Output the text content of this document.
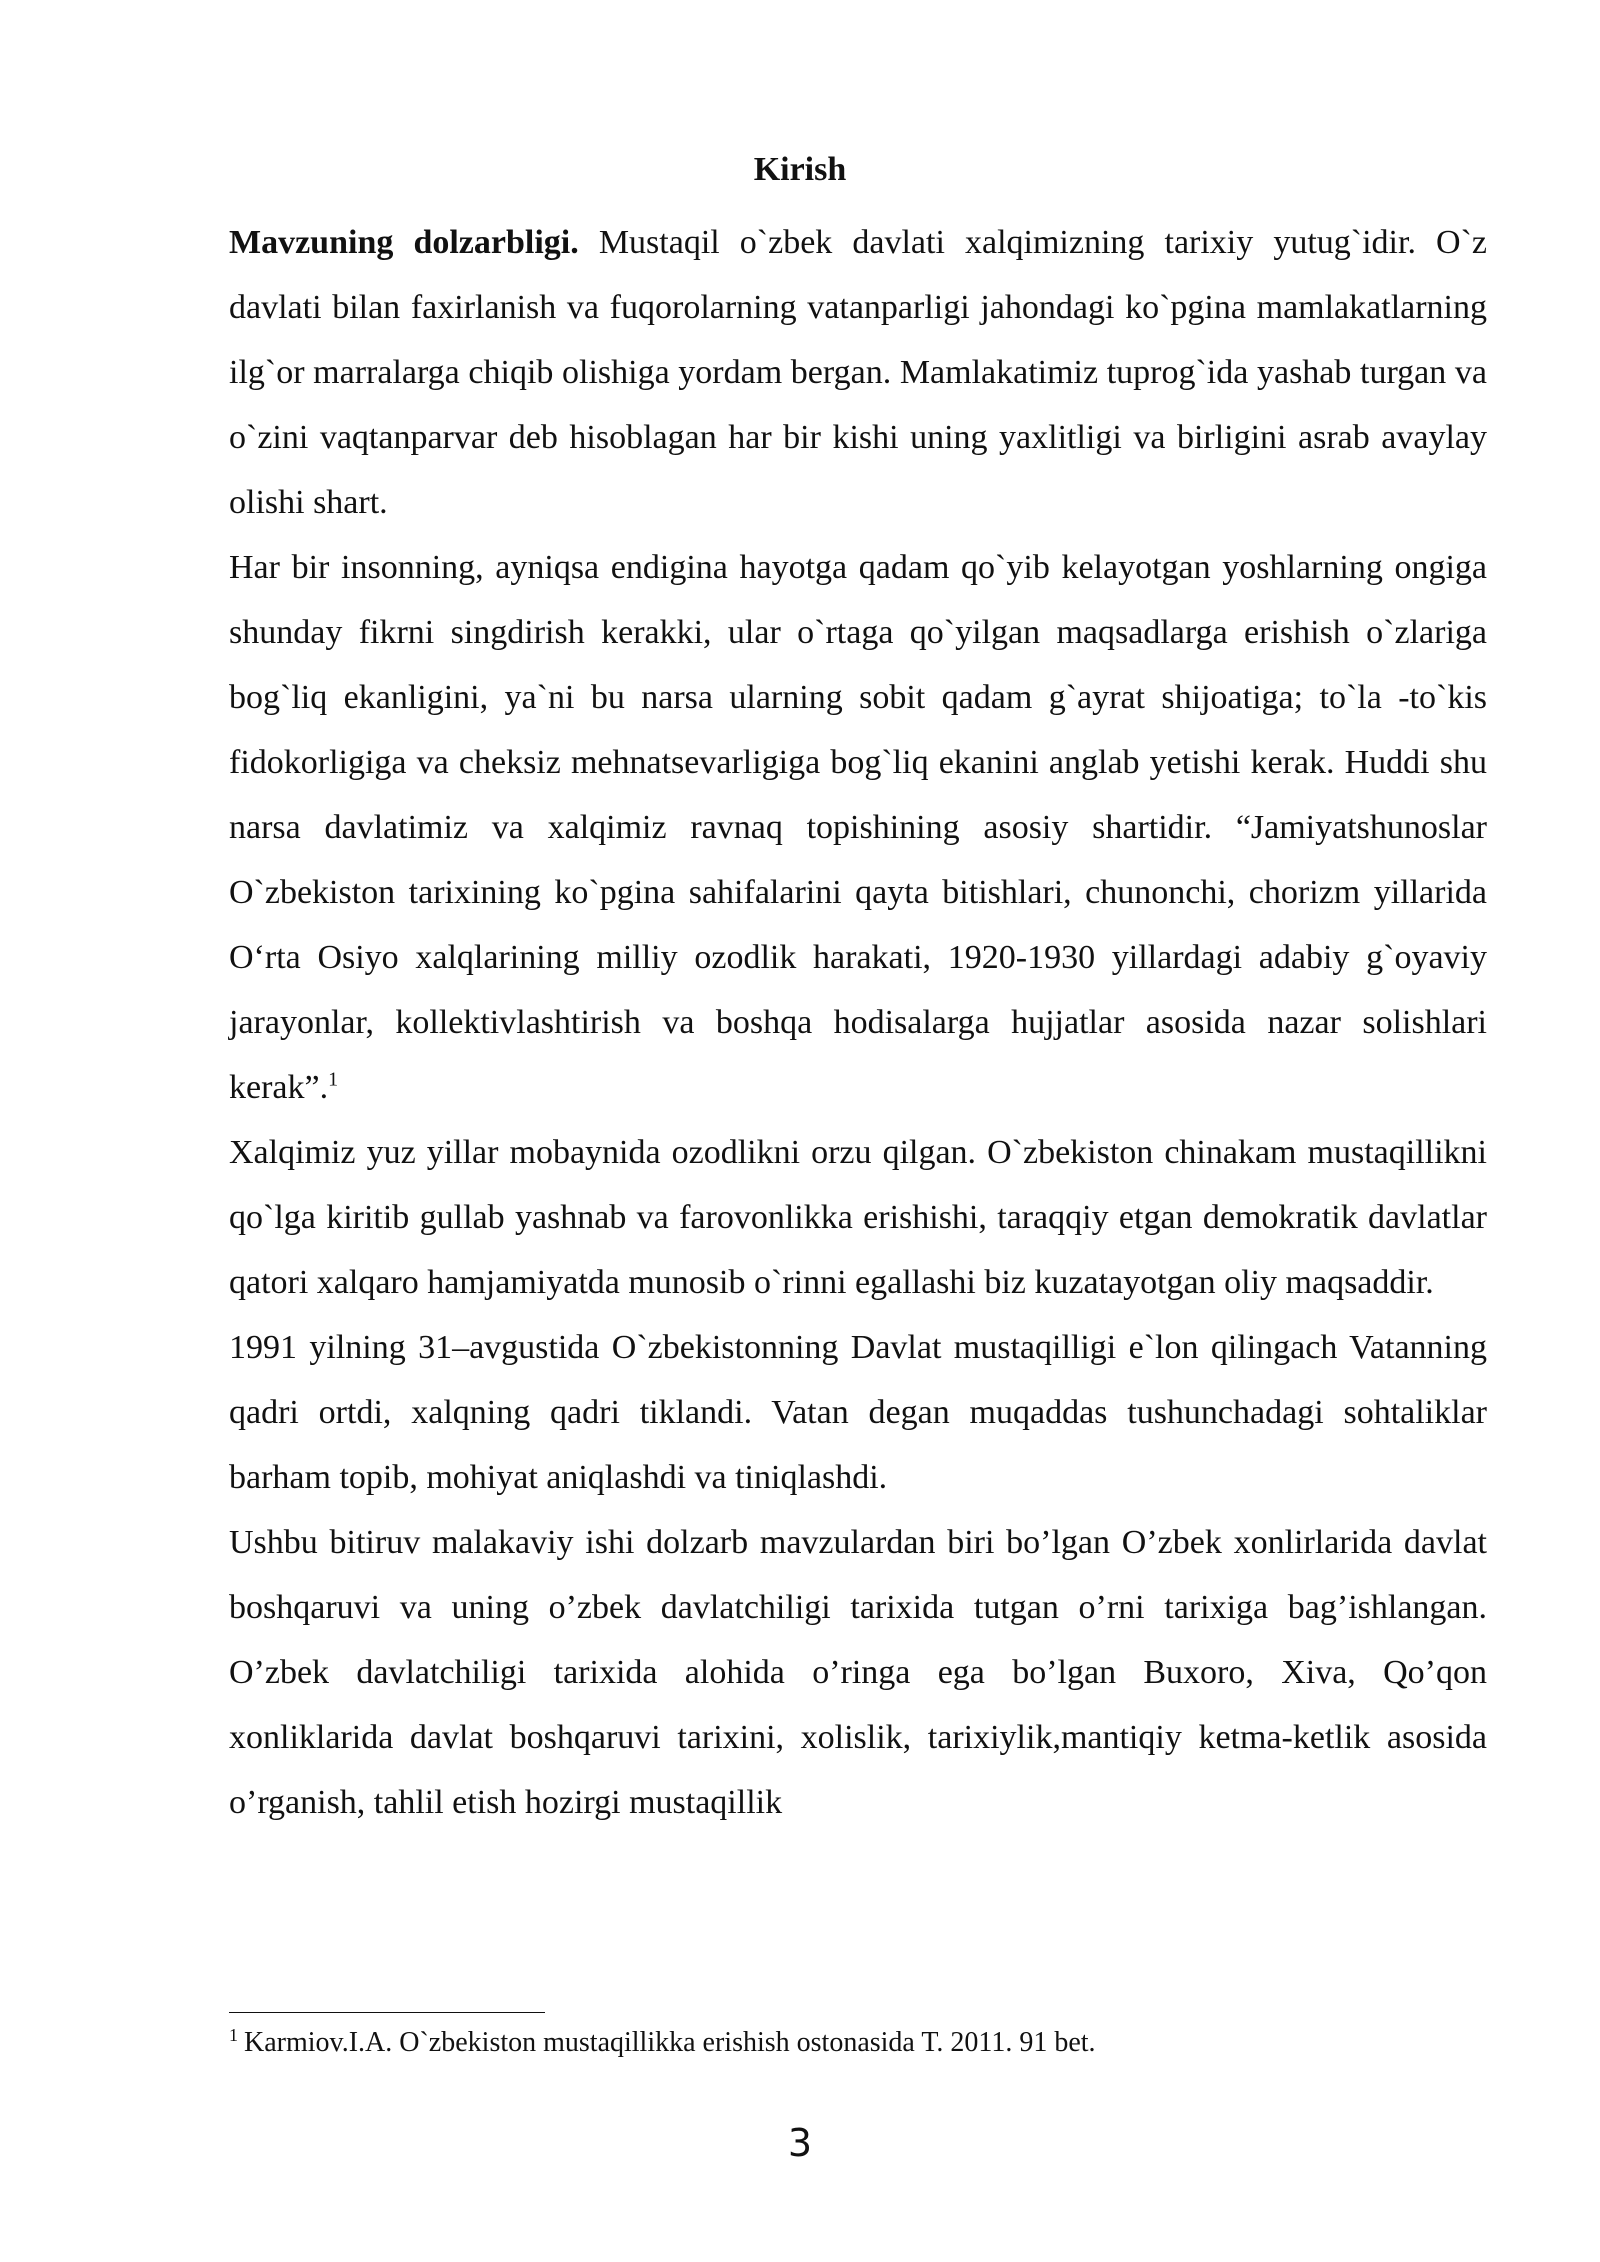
Kirish

Mavzuning dolzarbligi. Mustaqil o`zbek davlati xalqimizning tarixiy yutug`idir. O`z davlati bilan faxirlanish va fuqorolarning vatanparligi jahondagi ko`pgina mamlakatlarning ilg`or marralarga chiqib olishiga yordam bergan. Mamlakatimiz tuprog`ida yashab turgan va o`zini vaqtanparvar deb hisoblagan har bir kishi uning yaxlitligi va birligini asrab avaylay olishi shart.

Har bir insonning, ayniqsa endigina hayotga qadam qo`yib kelayotgan yoshlarning ongiga shunday fikrni singdirish kerakki, ular o`rtaga qo`yilgan maqsadlarga erishish o`zlariga bog`liq ekanligini, ya`ni bu narsa ularning sobit qadam g`ayrat shijoatiga; to`la -to`kis fidokorligiga va cheksiz mehnatsevarligiga bog`liq ekanini anglab yetishi kerak. Huddi shu narsa davlatimiz va xalqimiz ravnaq topishining asosiy shartidir. “Jamiyatshunoslar O`zbekiston tarixining ko`pgina sahifalarini qayta bitishlari, chunonchi, chorizm yillarida O‘rta Osiyo xalqlarining milliy ozodlik harakati, 1920-1930 yillardagi adabiy g`oyaviy jarayonlar, kollektivlashtirish va boshqa hodisalarga hujjatlar asosida nazar solishlari kerak”.$^1$

Xalqimiz yuz yillar mobaynida ozodlikni orzu qilgan. O`zbekiston chinakam mustaqillikni qo`lga kiritib gullab yashnab va farovonlikka erishishi, taraqqiy etgan demokratik davlatlar qatori xalqaro hamjamiyatda munosib o`rinni egallashi biz kuzatayotgan oliy maqsaddir.

1991 yilning 31–avgustida O`zbekistonning Davlat mustaqilligi e`lon qilingach Vatanning qadri ortdi, xalqning qadri tiklandi. Vatan degan muqaddas tushunchadagi sohtaliklar barham topib, mohiyat aniqlashdi va tiniqlashdi.

Ushbu bitiruv malakaviy ishi dolzarb mavzulardan biri bo’lgan O’zbek xonlirlarida davlat boshqaruvi va uning o’zbek davlatchiligi tarixida tutgan o’rni tarixiga bag’ishlangan. O’zbek davlatchiligi tarixida alohida o’ringa ega bo’lgan Buxoro, Xiva, Qo’qon xonliklarida davlat boshqaruvi tarixini, xolislik, tarixiylik,mantiqiy ketma-ketlik asosida o’rganish, tahlil etish hozirgi mustaqillik

$^1$ Karmiov.I.A. O`zbekiston mustaqillikka erishish ostonasida T. 2011. 91 bet.
3
